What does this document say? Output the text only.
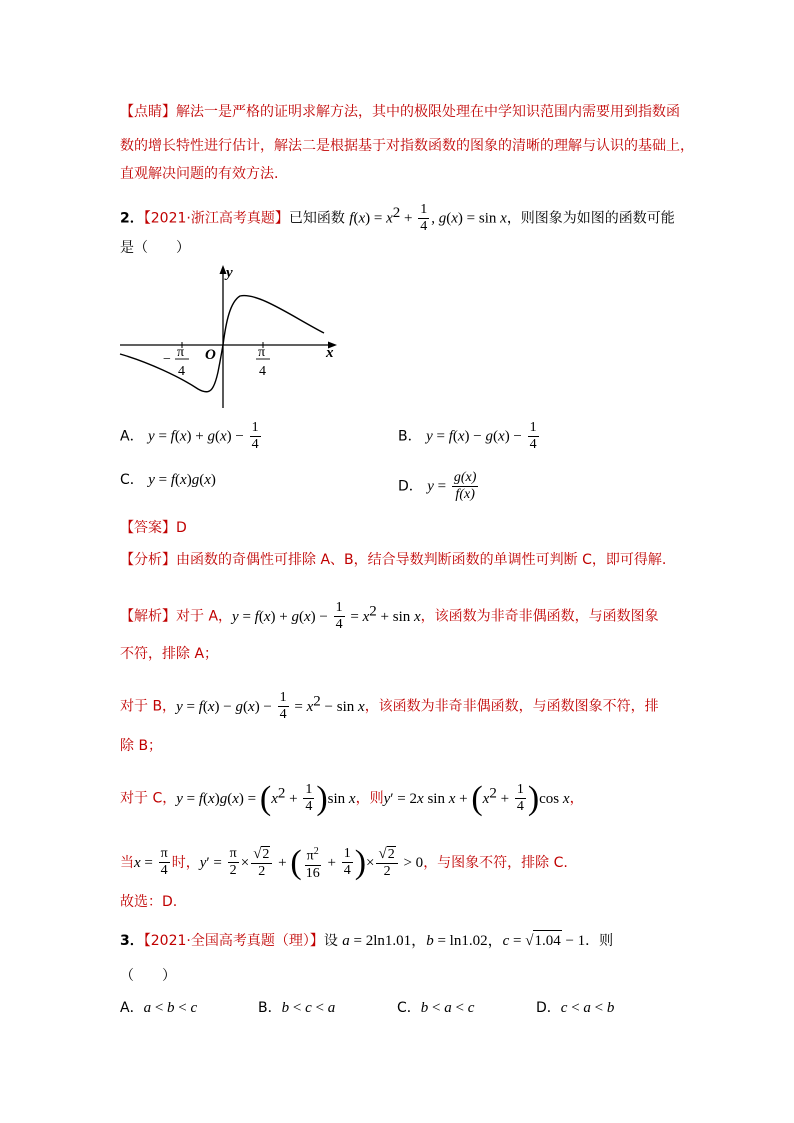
【点睛】解法一是严格的证明求解方法，其中的极限处理在中学知识范围内需要用到指数函
数的增长特性进行估计，解法二是根据基于对指数函数的图象的清晰的理解与认识的基础上，
直观解决问题的有效方法.
2．【2021·浙江高考真题】已知函数 $f(x) = x^2 + \frac{1}{4}$ , g(x) = sin x，则图象为如图的函数可能
是（　　）
y
x
O
− π
4
π
4
A． $y = f(x) + g(x) - \frac{1}{4}$	B． $y = f(x) - g(x) - \frac{1}{4}$
C． y = f(x)g(x)	D． $y = \frac{g(x)}{f(x)}$
【答案】D
【分析】由函数的奇偶性可排除 A、B，结合导数判断函数的单调性可判断 C，即可得解.
【解析】对于 A，$y = f(x) + g(x) - \frac{1}{4} = x^2 + \sin x$，该函数为非奇非偶函数，与函数图象
不符，排除 A；
对于 B，$y = f(x) - g(x) - \frac{1}{4} = x^2 - \sin x$，该函数为非奇非偶函数，与函数图象不符，排
除 B；
对于 C，$y = f(x)g(x) = (x^2 + \frac{1}{4} )\sin$ x，则y′ = 2x $\sin x + (x^2 + \frac{1}{4} )\cos$ x，
当$x = \frac{\pi}{4}$ 时，$y' = \frac{\pi}{2} \times \frac{√2}{2}$ + ( $\frac{\pi^2}{16} + \frac{1}{4}$ )× $\frac{√2}{2} > 0$，与图象不符，排除 C.
故选：D.
3．【2021·全国高考真题（理）】设 a = 2ln1.01，b = ln1.02，c = √1.04 − 1．则
（　　）
A．a < b < c	B．b < c < a	C．b < a < c	D．c < a < b
